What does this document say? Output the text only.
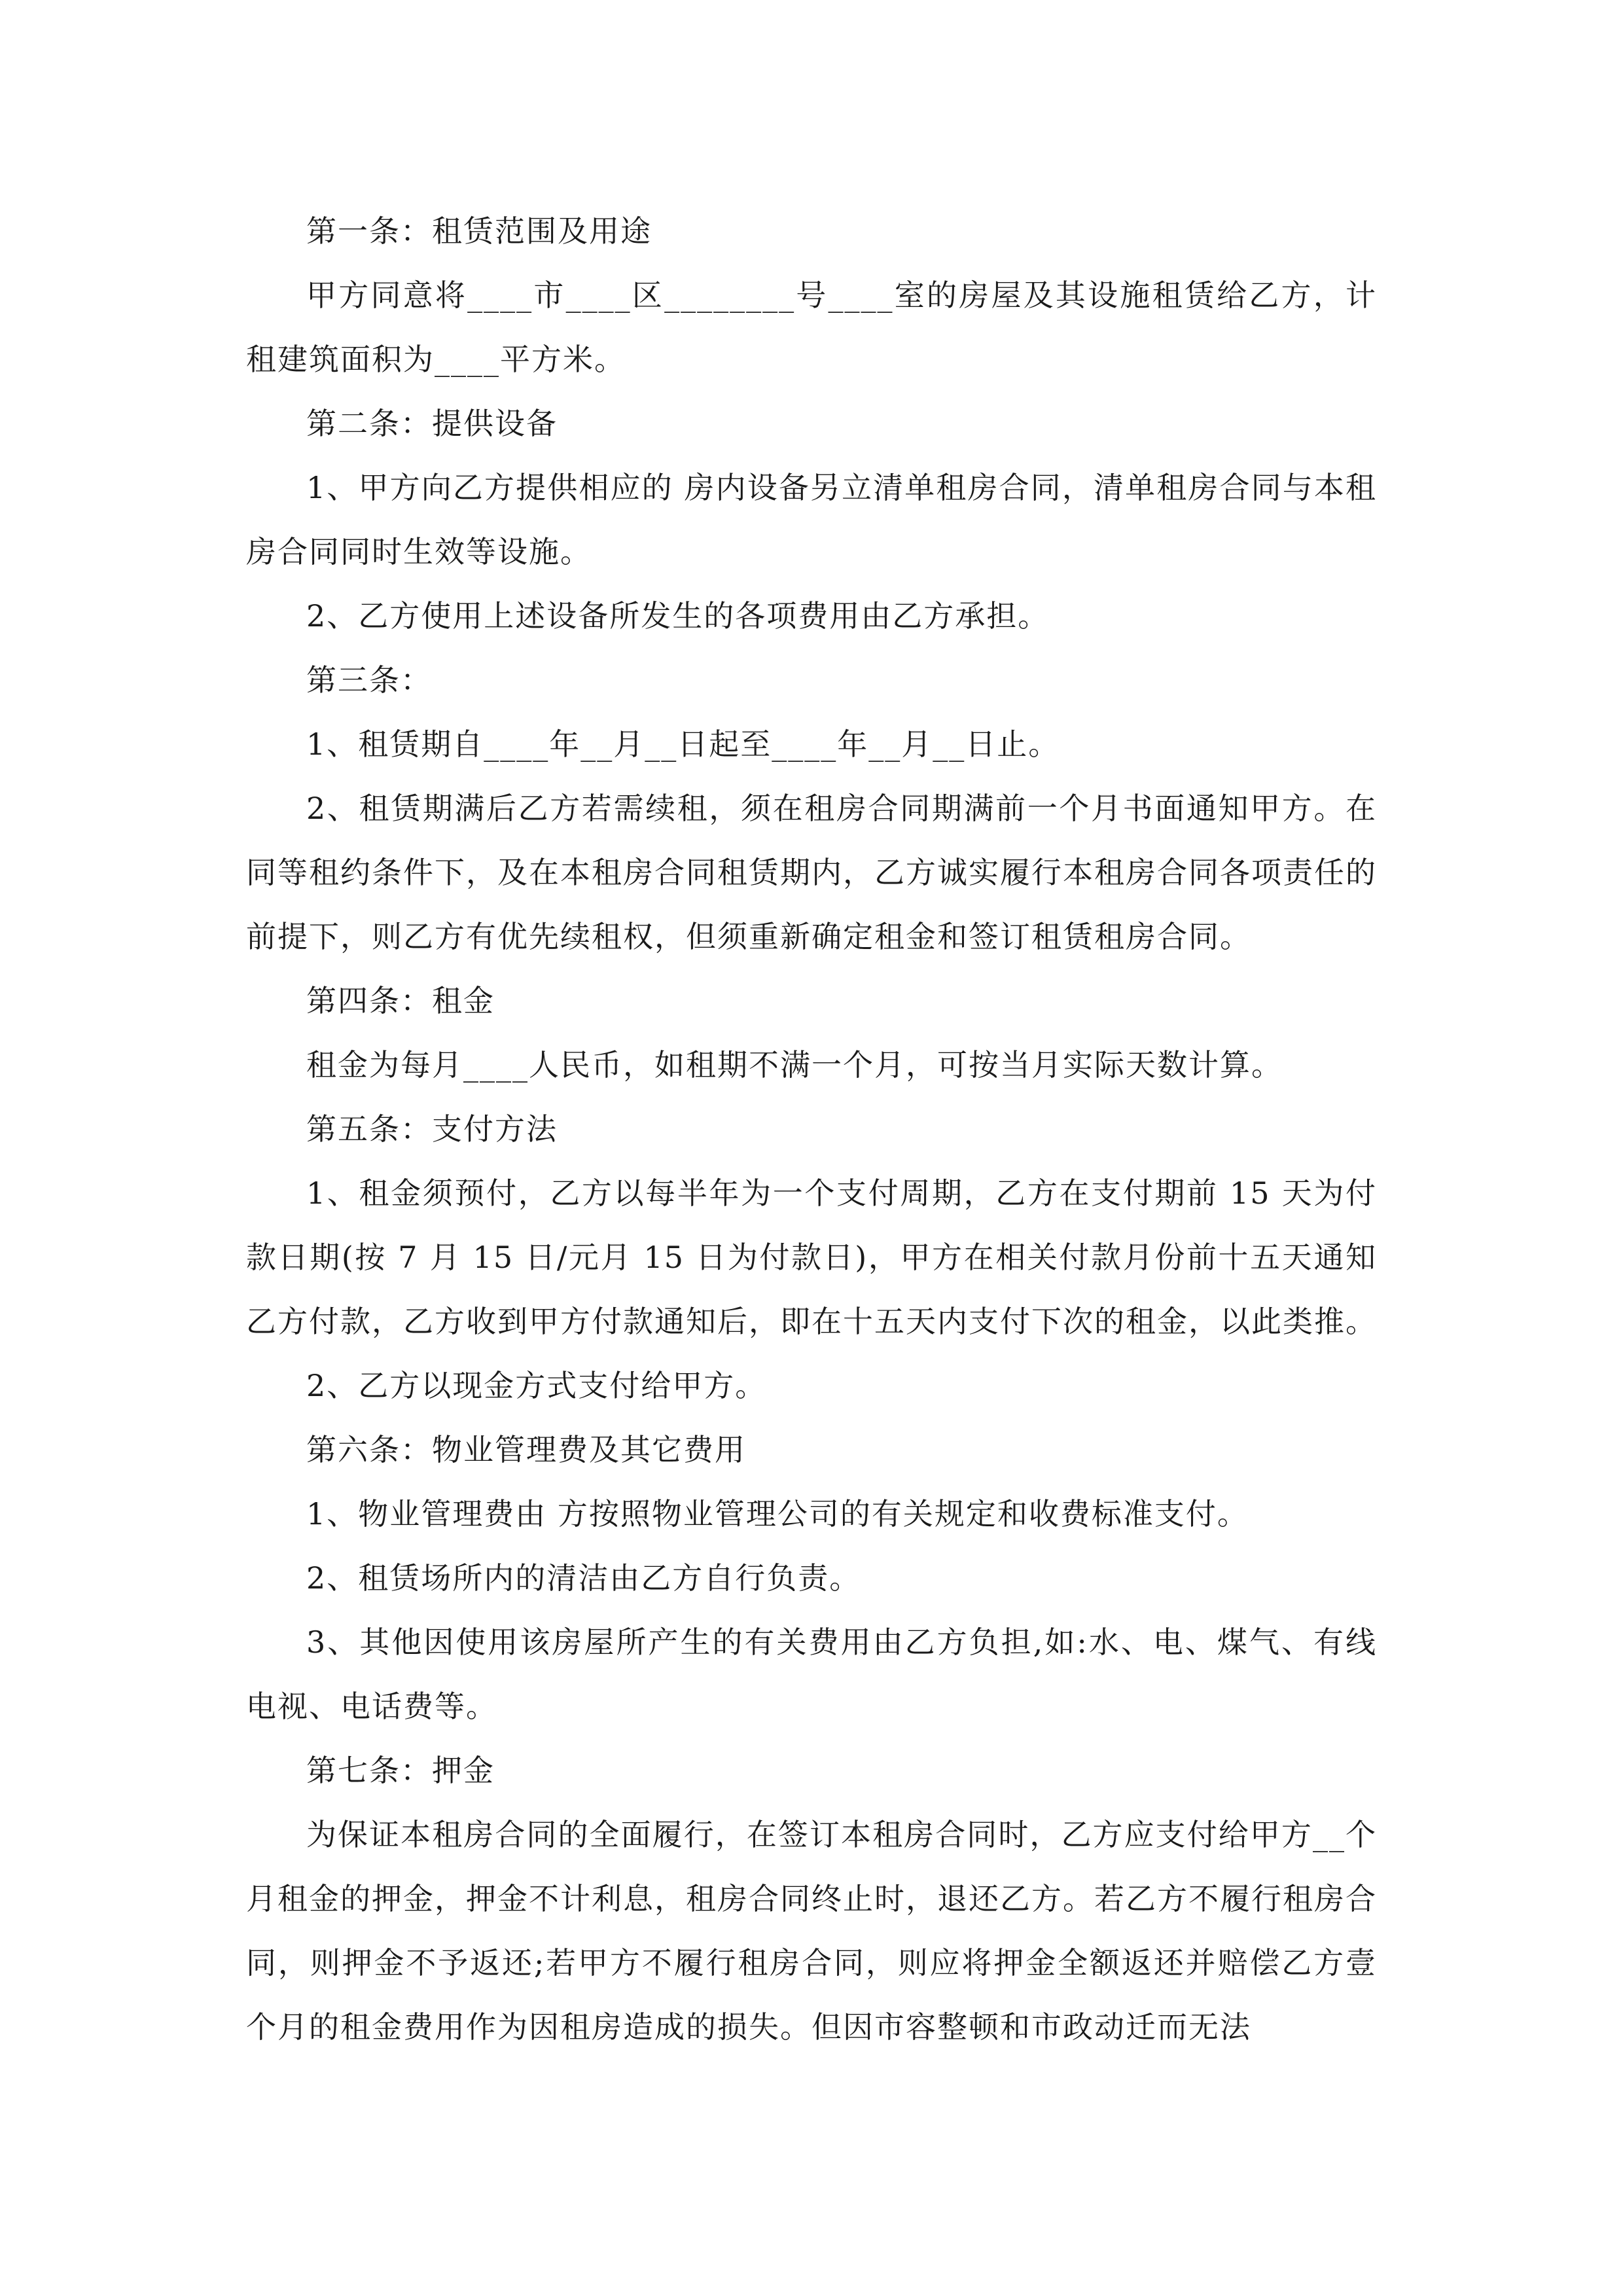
第一条：租赁范围及用途

甲方同意将____市____区________号____室的房屋及其设施租赁给乙方，计租建筑面积为____平方米。

第二条：提供设备

1、甲方向乙方提供相应的 房内设备另立清单租房合同，清单租房合同与本租房合同同时生效等设施。

2、乙方使用上述设备所发生的各项费用由乙方承担。

第三条：

1、租赁期自____年__月__日起至____年__月__日止。

2、租赁期满后乙方若需续租，须在租房合同期满前一个月书面通知甲方。在同等租约条件下，及在本租房合同租赁期内，乙方诚实履行本租房合同各项责任的前提下，则乙方有优先续租权，但须重新确定租金和签订租赁租房合同。

第四条：租金

租金为每月____人民币，如租期不满一个月，可按当月实际天数计算。

第五条：支付方法

1、租金须预付，乙方以每半年为一个支付周期，乙方在支付期前 15 天为付款日期(按 7 月 15 日/元月 15 日为付款日)，甲方在相关付款月份前十五天通知乙方付款，乙方收到甲方付款通知后，即在十五天内支付下次的租金，以此类推。

2、乙方以现金方式支付给甲方。

第六条：物业管理费及其它费用

1、物业管理费由 方按照物业管理公司的有关规定和收费标准支付。

2、租赁场所内的清洁由乙方自行负责。

3、其他因使用该房屋所产生的有关费用由乙方负担,如:水、电、煤气、有线电视、电话费等。

第七条：押金

为保证本租房合同的全面履行，在签订本租房合同时，乙方应支付给甲方__个月租金的押金，押金不计利息，租房合同终止时，退还乙方。若乙方不履行租房合同，则押金不予返还;若甲方不履行租房合同，则应将押金全额返还并赔偿乙方壹个月的租金费用作为因租房造成的损失。但因市容整顿和市政动迁而无法
